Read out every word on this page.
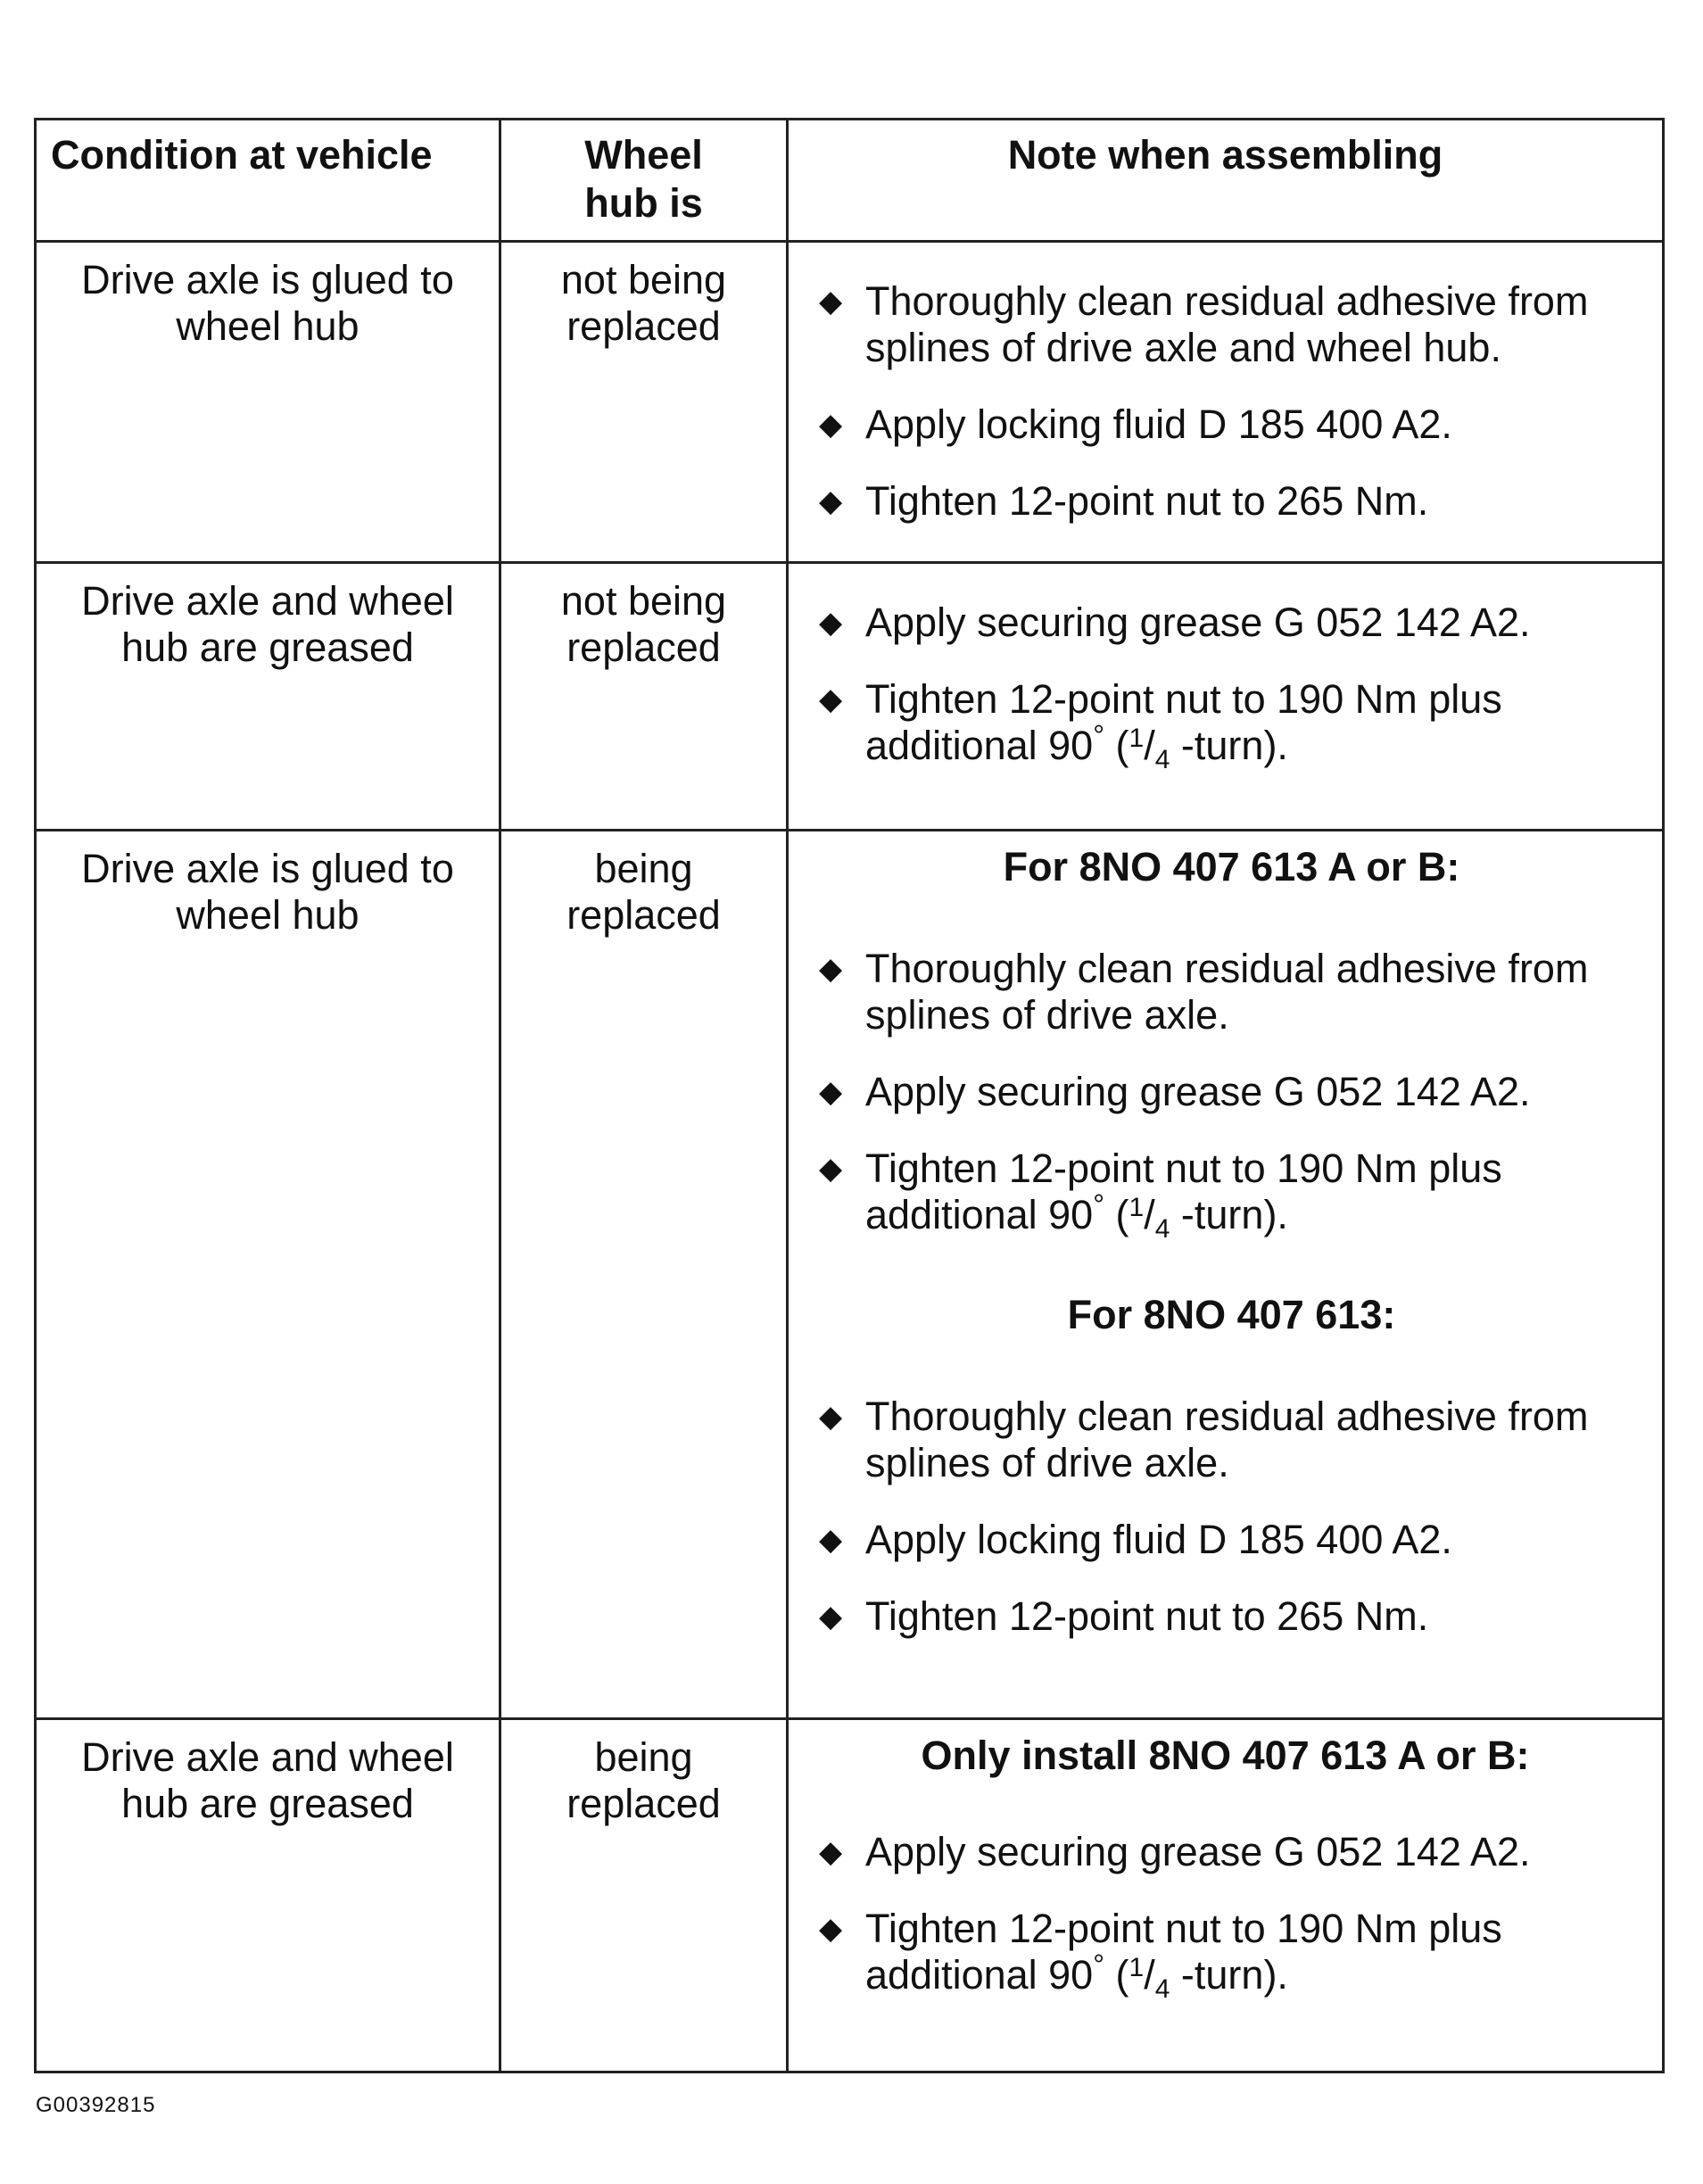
Condition at vehicle	Wheel hub is
Note when assembling
Drive axle is glued to wheel hub
not being replaced
◆ Thoroughly clean residual adhesive from splines of drive axle and wheel hub.
◆ Apply locking fluid D 185 400 A2.
◆ Tighten 12-point nut to 265 Nm.
Drive axle and wheel hub are greased
not being replaced
◆ Apply securing grease G 052 142 A2.
◆ Tighten 12-point nut to 190 Nm plus
additional 90° ($^1/_4$ -turn).
Drive axle is glued to wheel hub
being replaced
For 8NO 407 613 A or B:
◆ Thoroughly clean residual adhesive from splines of drive axle.
◆ Apply securing grease G 052 142 A2.
◆ Tighten 12-point nut to 190 Nm plus
additional 90° ($^1/_4$ -turn).
For 8NO 407 613:
◆ Thoroughly clean residual adhesive from splines of drive axle.
◆ Apply locking fluid D 185 400 A2.
◆ Tighten 12-point nut to 265 Nm.
Drive axle and wheel hub are greased
being replaced
Only install 8NO 407 613 A or B:
◆ Apply securing grease G 052 142 A2.
◆ Tighten 12-point nut to 190 Nm plus
additional 90° ($^1/_4$ -turn).
G00392815
